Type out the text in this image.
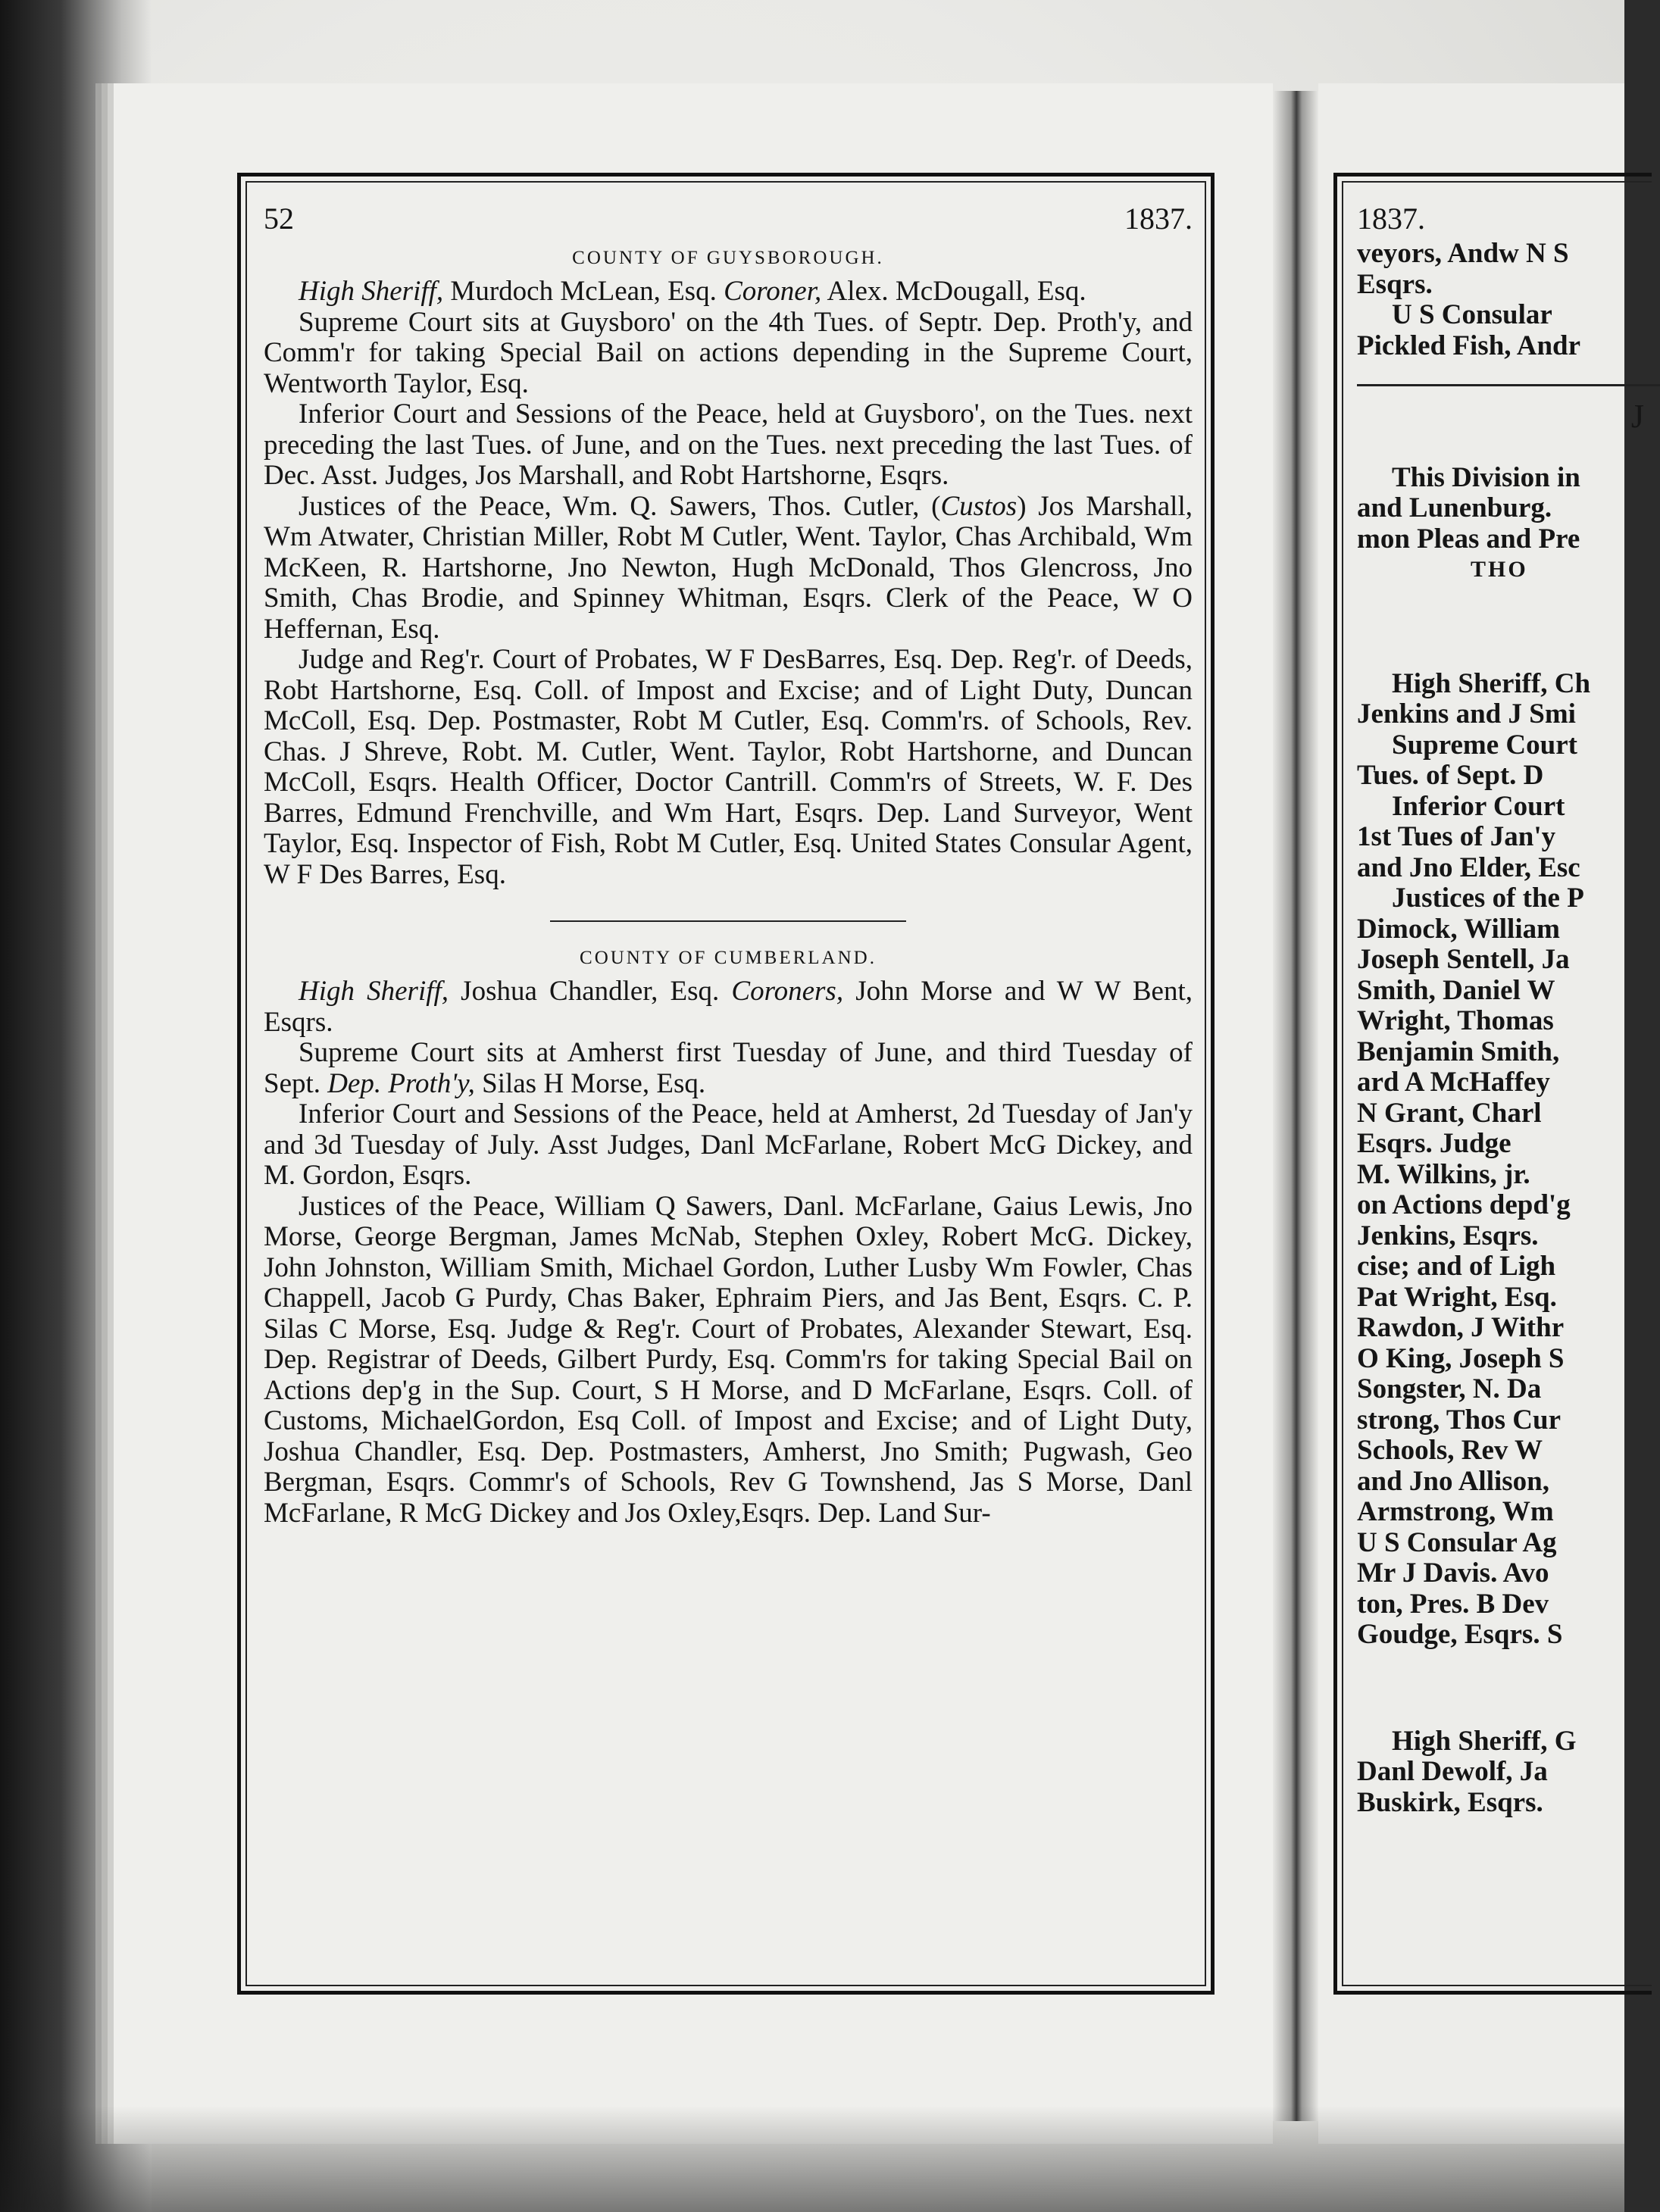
52	1837.
COUNTY OF GUYSBOROUGH.

High Sheriff, Murdoch McLean, Esq. Coroner, Alex. McDougall, Esq.

Supreme Court sits at Guysboro' on the 4th Tues. of Septr. Dep. Proth'y, and Comm'r for taking Special Bail on actions depending in the Supreme Court, Wentworth Taylor, Esq.

Inferior Court and Sessions of the Peace, held at Guysboro', on the Tues. next preceding the last Tues. of June, and on the Tues. next preceding the last Tues. of Dec. Asst. Judges, Jos Marshall, and Robt Hartshorne, Esqrs.

Justices of the Peace, Wm. Q. Sawers, Thos. Cutler, (Custos) Jos Marshall, Wm Atwater, Christian Miller, Robt M Cutler, Went. Taylor, Chas Archibald, Wm McKeen, R. Hartshorne, Jno Newton, Hugh McDonald, Thos Glencross, Jno Smith, Chas Brodie, and Spinney Whitman, Esqrs. Clerk of the Peace, W O Heffernan, Esq.

Judge and Reg'r. Court of Probates, W F DesBarres, Esq. Dep. Reg'r. of Deeds, Robt Hartshorne, Esq. Coll. of Impost and Excise; and of Light Duty, Duncan McColl, Esq. Dep. Postmaster, Robt M Cutler, Esq. Comm'rs. of Schools, Rev. Chas. J Shreve, Robt. M. Cutler, Went. Taylor, Robt Hartshorne, and Duncan McColl, Esqrs. Health Officer, Doctor Cantrill. Comm'rs of Streets, W. F. Des Barres, Edmund Frenchville, and Wm Hart, Esqrs. Dep. Land Surveyor, Went Taylor, Esq. Inspector of Fish, Robt M Cutler, Esq. United States Consular Agent, W F Des Barres, Esq.

COUNTY OF CUMBERLAND.

High Sheriff, Joshua Chandler, Esq. Coroners, John Morse and W W Bent, Esqrs.

Supreme Court sits at Amherst first Tuesday of June, and third Tuesday of Sept. Dep. Proth'y, Silas H Morse, Esq.

Inferior Court and Sessions of the Peace, held at Amherst, 2d Tuesday of Jan'y and 3d Tuesday of July. Asst Judges, Danl McFarlane, Robert McG Dickey, and M. Gordon, Esqrs.

Justices of the Peace, William Q Sawers, Danl. McFarlane, Gaius Lewis, Jno Morse, George Bergman, James McNab, Stephen Oxley, Robert McG. Dickey, John Johnston, William Smith, Michael Gordon, Luther Lusby Wm Fowler, Chas Chappell, Jacob G Purdy, Chas Baker, Ephraim Piers, and Jas Bent, Esqrs. C. P. Silas C Morse, Esq. Judge & Reg'r. Court of Probates, Alexander Stewart, Esq. Dep. Registrar of Deeds, Gilbert Purdy, Esq. Comm'rs for taking Special Bail on Actions dep'g in the Sup. Court, S H Morse, and D McFarlane, Esqrs. Coll. of Customs, MichaelGordon, Esq Coll. of Impost and Excise; and of Light Duty, Joshua Chandler, Esq. Dep. Postmasters, Amherst, Jno Smith; Pugwash, Geo Bergman, Esqrs. Commr's of Schools, Rev G Townshend, Jas S Morse, Danl McFarlane, R McG Dickey and Jos Oxley,Esqrs. Dep. Land Sur-

1837.
veyors, Andw N S
Esqrs.
U S Consular
Pickled Fish, Andr
J
This Division in
and Lunenburg.
mon Pleas and Pre
THO
High Sheriff, Ch
Jenkins and J Smi
Supreme Court
Tues. of Sept. D
Inferior Court
1st Tues of Jan'y
and Jno Elder, Esc
Justices of the P
Dimock, William
Joseph Sentell, Ja
Smith, Daniel W
Wright, Thomas
Benjamin Smith,
ard A McHaffey
N Grant, Charl
Esqrs. Judge
M. Wilkins, jr.
on Actions depd'g
Jenkins, Esqrs.
cise; and of Ligh
Pat Wright, Esq.
Rawdon, J Withr
O King, Joseph S
Songster, N. Da
strong, Thos Cur
Schools, Rev W
and Jno Allison,
Armstrong, Wm
U S Consular Ag
Mr J Davis. Avo
ton, Pres. B Dev
Goudge, Esqrs. S
High Sheriff, G
Danl Dewolf, Ja
Buskirk, Esqrs.
